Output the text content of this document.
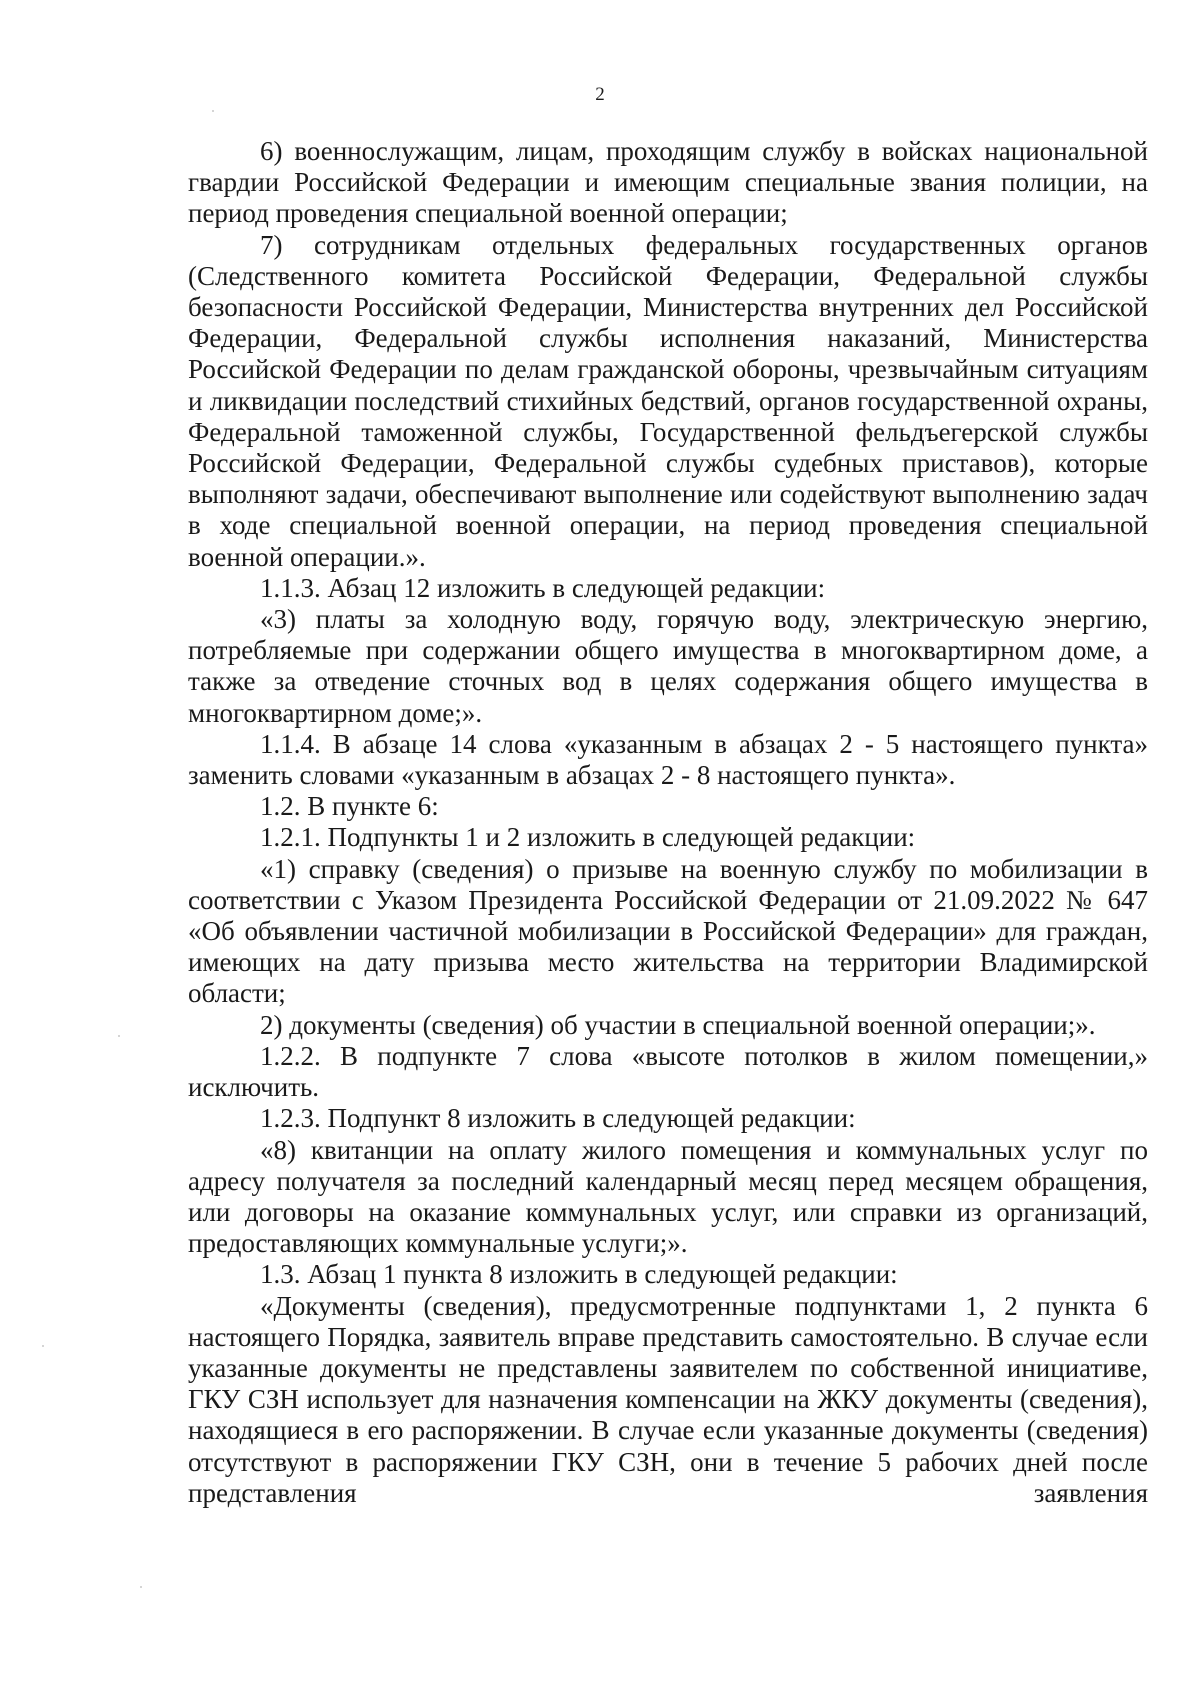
2

6) военнослужащим, лицам, проходящим службу в войсках национальной гвардии Российской Федерации и имеющим специальные звания полиции, на период проведения специальной военной операции;

7) сотрудникам отдельных федеральных государственных органов (Следственного комитета Российской Федерации, Федеральной службы безопасности Российской Федерации, Министерства внутренних дел Российской Федерации, Федеральной службы исполнения наказаний, Министерства Российской Федерации по делам гражданской обороны, чрезвычайным ситуациям и ликвидации последствий стихийных бедствий, органов государственной охраны, Федеральной таможенной службы, Государственной фельдъегерской службы Российской Федерации, Федеральной службы судебных приставов), которые выполняют задачи, обеспечивают выполнение или содействуют выполнению задач в ходе специальной военной операции, на период проведения специальной военной операции.».

1.1.3. Абзац 12 изложить в следующей редакции:

«3) платы за холодную воду, горячую воду, электрическую энергию, потребляемые при содержании общего имущества в многоквартирном доме, а также за отведение сточных вод в целях содержания общего имущества в многоквартирном доме;».

1.1.4. В абзаце 14 слова «указанным в абзацах 2 - 5 настоящего пункта» заменить словами «указанным в абзацах 2 - 8 настоящего пункта».

1.2. В пункте 6:

1.2.1. Подпункты 1 и 2 изложить в следующей редакции:

«1) справку (сведения) о призыве на военную службу по мобилизации в соответствии с Указом Президента Российской Федерации от 21.09.2022 № 647 «Об объявлении частичной мобилизации в Российской Федерации» для граждан, имеющих на дату призыва место жительства на территории Владимирской области;

2) документы (сведения) об участии в специальной военной операции;».

1.2.2. В подпункте 7 слова «высоте потолков в жилом помещении,» исключить.

1.2.3. Подпункт 8 изложить в следующей редакции:

«8) квитанции на оплату жилого помещения и коммунальных услуг по адресу получателя за последний календарный месяц перед месяцем обращения, или договоры на оказание коммунальных услуг, или справки из организаций, предоставляющих коммунальные услуги;».

1.3. Абзац 1 пункта 8 изложить в следующей редакции:

«Документы (сведения), предусмотренные подпунктами 1, 2 пункта 6 настоящего Порядка, заявитель вправе представить самостоятельно. В случае если указанные документы не представлены заявителем по собственной инициативе, ГКУ СЗН использует для назначения компенсации на ЖКУ документы (сведения), находящиеся в его распоряжении. В случае если указанные документы (сведения) отсутствуют в распоряжении ГКУ СЗН, они в течение 5 рабочих дней после представления заявления
